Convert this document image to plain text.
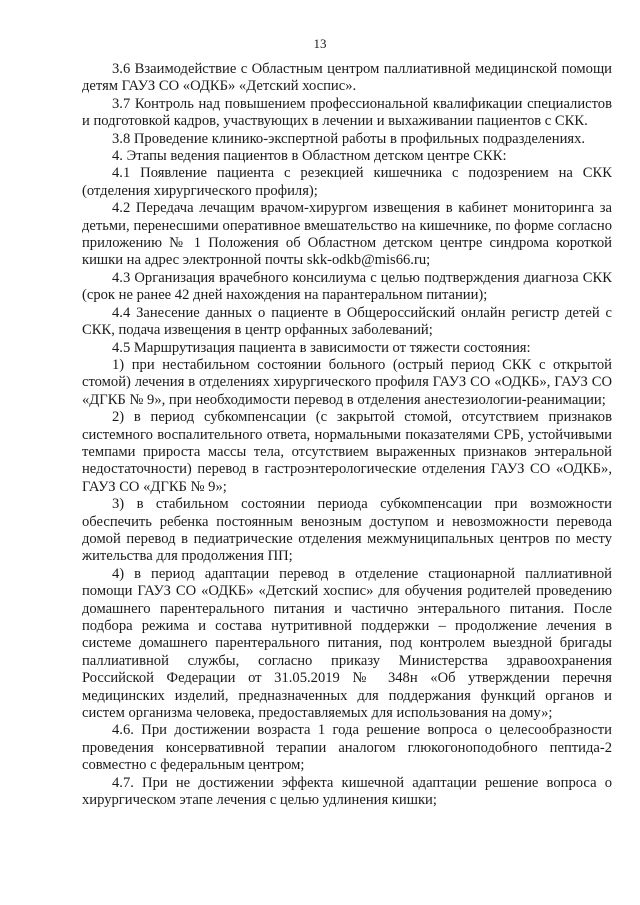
13

3.6 Взаимодействие с Областным центром паллиативной медицинской помощи детям ГАУЗ СО «ОДКБ» «Детский хоспис».

3.7 Контроль над повышением профессиональной квалификации специалистов и подготовкой кадров, участвующих в лечении и выхаживании пациентов с СКК.

3.8 Проведение клинико-экспертной работы в профильных подразделениях.

4. Этапы ведения пациентов в Областном детском центре СКК:

4.1 Появление пациента с резекцией кишечника с подозрением на СКК (отделения хирургического профиля);

4.2 Передача лечащим врачом-хирургом извещения в кабинет мониторинга за детьми, перенесшими оперативное вмешательство на кишечнике, по форме согласно приложению № 1 Положения об Областном детском центре синдрома короткой кишки на адрес электронной почты skk-odkb@mis66.ru;

4.3 Организация врачебного консилиума с целью подтверждения диагноза СКК (срок не ранее 42 дней нахождения на парантеральном питании);

4.4 Занесение данных о пациенте в Общероссийский онлайн регистр детей с СКК, подача извещения в центр орфанных заболеваний;

4.5 Маршрутизация пациента в зависимости от тяжести состояния:

1) при нестабильном состоянии больного (острый период СКК с открытой стомой) лечения в отделениях хирургического профиля ГАУЗ СО «ОДКБ», ГАУЗ СО «ДГКБ № 9», при необходимости перевод в отделения анестезиологии-реанимации;

2) в период субкомпенсации (с закрытой стомой, отсутствием признаков системного воспалительного ответа, нормальными показателями СРБ, устойчивыми темпами прироста массы тела, отсутствием выраженных признаков энтеральной недостаточности) перевод в гастроэнтерологические отделения ГАУЗ СО «ОДКБ», ГАУЗ СО «ДГКБ № 9»;

3) в стабильном состоянии периода субкомпенсации при возможности обеспечить ребенка постоянным венозным доступом и невозможности перевода домой перевод в педиатрические отделения межмуниципальных центров по месту жительства для продолжения ПП;

4) в период адаптации перевод в отделение стационарной паллиативной помощи ГАУЗ СО «ОДКБ» «Детский хоспис» для обучения родителей проведению домашнего парентерального питания и частично энтерального питания. После подбора режима и состава нутритивной поддержки – продолжение лечения в системе домашнего парентерального питания, под контролем выездной бригады паллиативной службы, согласно приказу Министерства здравоохранения Российской Федерации от 31.05.2019 № 348н «Об утверждении перечня медицинских изделий, предназначенных для поддержания функций органов и систем организма человека, предоставляемых для использования на дому»;

4.6. При достижении возраста 1 года решение вопроса о целесообразности проведения консервативной терапии аналогом глюкогоноподобного пептида-2 совместно с федеральным центром;

4.7. При не достижении эффекта кишечной адаптации решение вопроса о хирургическом этапе лечения с целью удлинения кишки;
